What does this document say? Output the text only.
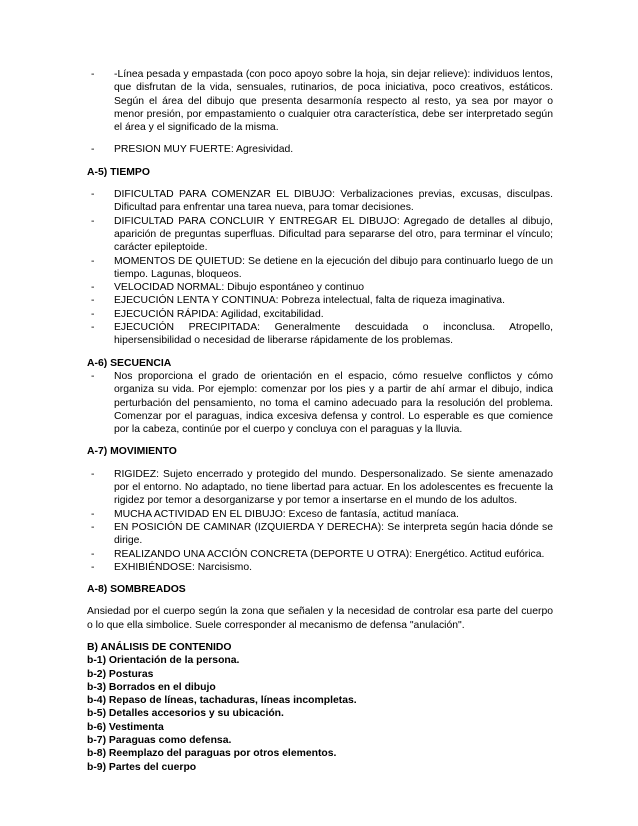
-	-Línea pesada y empastada (con poco apoyo sobre la hoja, sin dejar relieve): individuos lentos, que disfrutan de la vida, sensuales, rutinarios, de poca iniciativa, poco creativos, estáticos. Según el área del dibujo que presenta desarmonía respecto al resto, ya sea por mayor o menor presión, por empastamiento o cualquier otra característica, debe ser interpretado según el área y el significado de la misma.
-	PRESION MUY FUERTE: Agresividad.
A-5) TIEMPO
-	DIFICULTAD PARA COMENZAR EL DIBUJO: Verbalizaciones previas, excusas, disculpas. Dificultad para enfrentar una tarea nueva, para tomar decisiones.
-	DIFICULTAD PARA CONCLUIR Y ENTREGAR EL DIBUJO: Agregado de detalles al dibujo, aparición de preguntas superfluas. Dificultad para separarse del otro, para terminar el vínculo; carácter epileptoide.
-	MOMENTOS DE QUIETUD: Se detiene en la ejecución del dibujo para continuarlo luego de un tiempo. Lagunas, bloqueos.
-	VELOCIDAD NORMAL: Dibujo espontáneo y continuo
-	EJECUCIÓN LENTA Y CONTINUA: Pobreza intelectual, falta de riqueza imaginativa.
-	EJECUCIÓN RÁPIDA: Agilidad, excitabilidad.
-	EJECUCIÓN PRECIPITADA: Generalmente descuidada o inconclusa. Atropello, hipersensibilidad o necesidad de liberarse rápidamente de los problemas.
A-6) SECUENCIA
-	Nos proporciona el grado de orientación en el espacio, cómo resuelve conflictos y cómo organiza su vida. Por ejemplo: comenzar por los pies y a partir de ahí armar el dibujo, indica perturbación del pensamiento, no toma el camino adecuado para la resolución del problema. Comenzar por el paraguas, indica excesiva defensa y control. Lo esperable es que comience por la cabeza, continúe por el cuerpo y concluya con el paraguas y la lluvia.
A-7) MOVIMIENTO
-	RIGIDEZ: Sujeto encerrado y protegido del mundo. Despersonalizado. Se siente amenazado por el entorno. No adaptado, no tiene libertad para actuar. En los adolescentes es frecuente la rigidez por temor a desorganizarse y por temor a insertarse en el mundo de los adultos.
-	MUCHA ACTIVIDAD EN EL DIBUJO: Exceso de fantasía, actitud maníaca.
-	EN POSICIÓN DE CAMINAR (IZQUIERDA Y DERECHA): Se interpreta según hacia dónde se dirige.
-	REALIZANDO UNA ACCIÓN CONCRETA (DEPORTE U OTRA): Energético. Actitud eufórica.
-	EXHIBIÉNDOSE: Narcisismo.
A-8) SOMBREADOS
Ansiedad por el cuerpo según la zona que señalen y la necesidad de controlar esa parte del cuerpo o lo que ella simbolice. Suele corresponder al mecanismo de defensa "anulación".
B) ANÁLISIS DE CONTENIDO
b-1) Orientación de la persona.
b-2) Posturas
b-3) Borrados en el dibujo
b-4) Repaso de líneas, tachaduras, líneas incompletas.
b-5) Detalles accesorios y su ubicación.
b-6) Vestimenta
b-7) Paraguas como defensa.
b-8) Reemplazo del paraguas por otros elementos.
b-9) Partes del cuerpo
